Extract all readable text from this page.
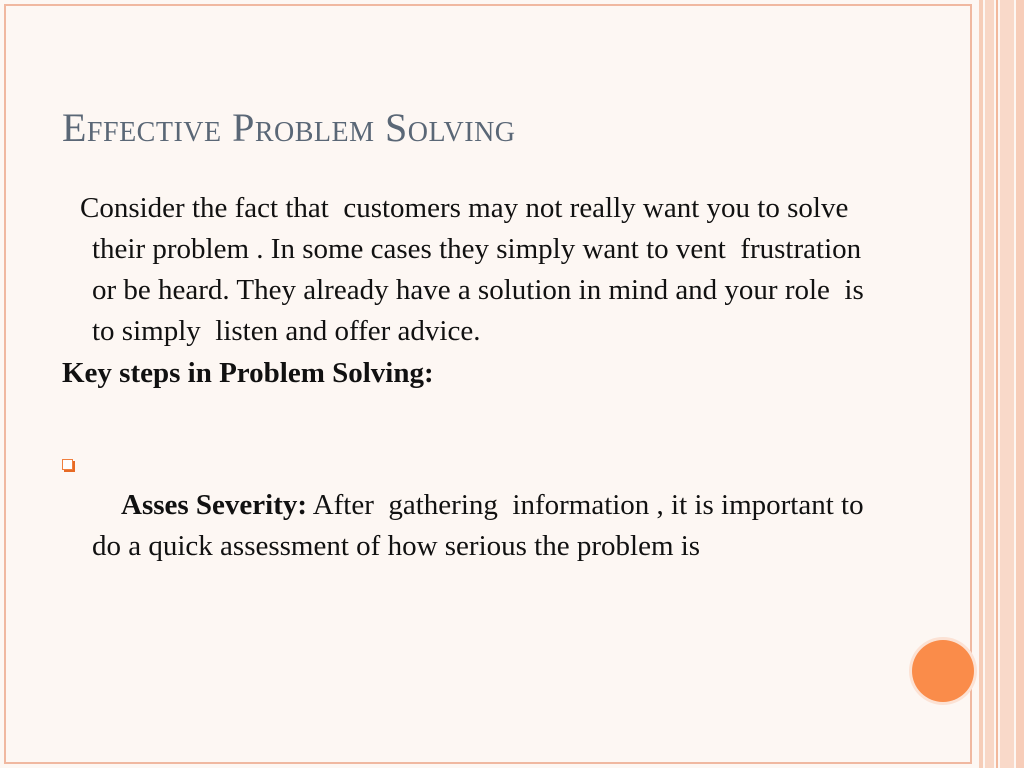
Effective Problem Solving

Consider the fact that  customers may not really want you to solve their problem . In some cases they simply want to vent  frustration or be heard. They already have a solution in mind and your role  is to simply  listen and offer advice.

Key steps in Problem Solving:

Asses Severity: After  gathering  information , it is important to do a quick assessment of how serious the problem is
